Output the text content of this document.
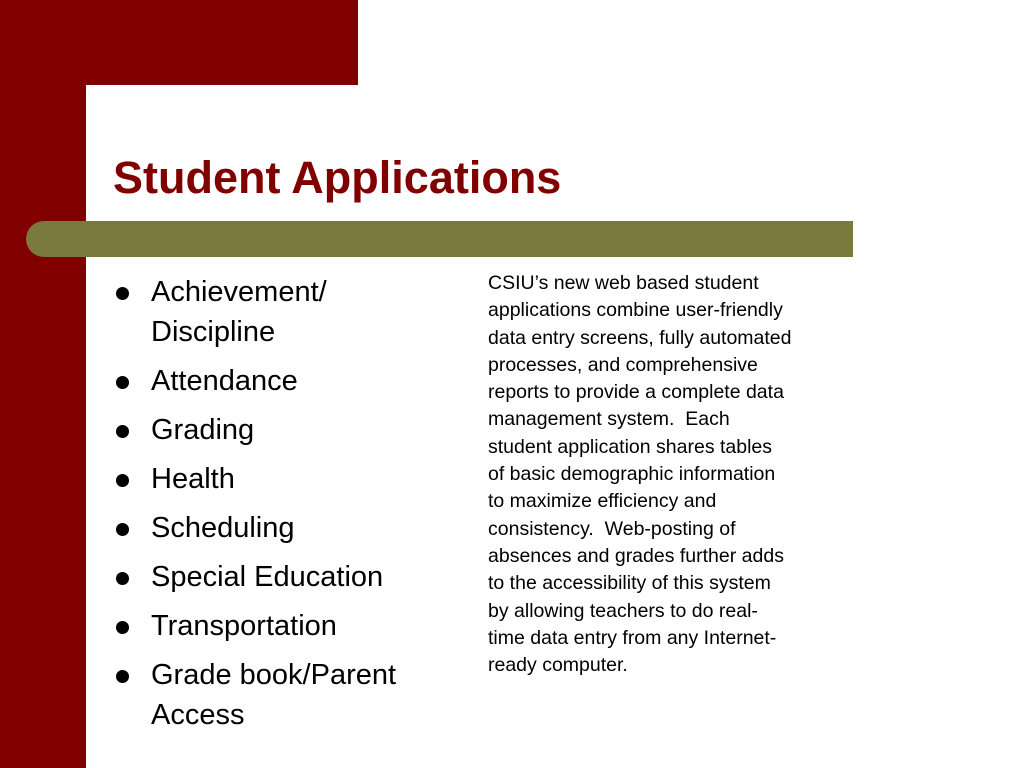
Student Applications
Achievement/
Discipline
Attendance
Grading
Health
Scheduling
Special Education
Transportation
Grade book/Parent Access
CSIU’s new web based student
applications combine user-friendly
data entry screens, fully automated
processes, and comprehensive
reports to provide a complete data
management system.  Each
student application shares tables
of basic demographic information
to maximize efficiency and
consistency.  Web-posting of
absences and grades further adds
to the accessibility of this system
by allowing teachers to do real-
time data entry from any Internet-
ready computer.
